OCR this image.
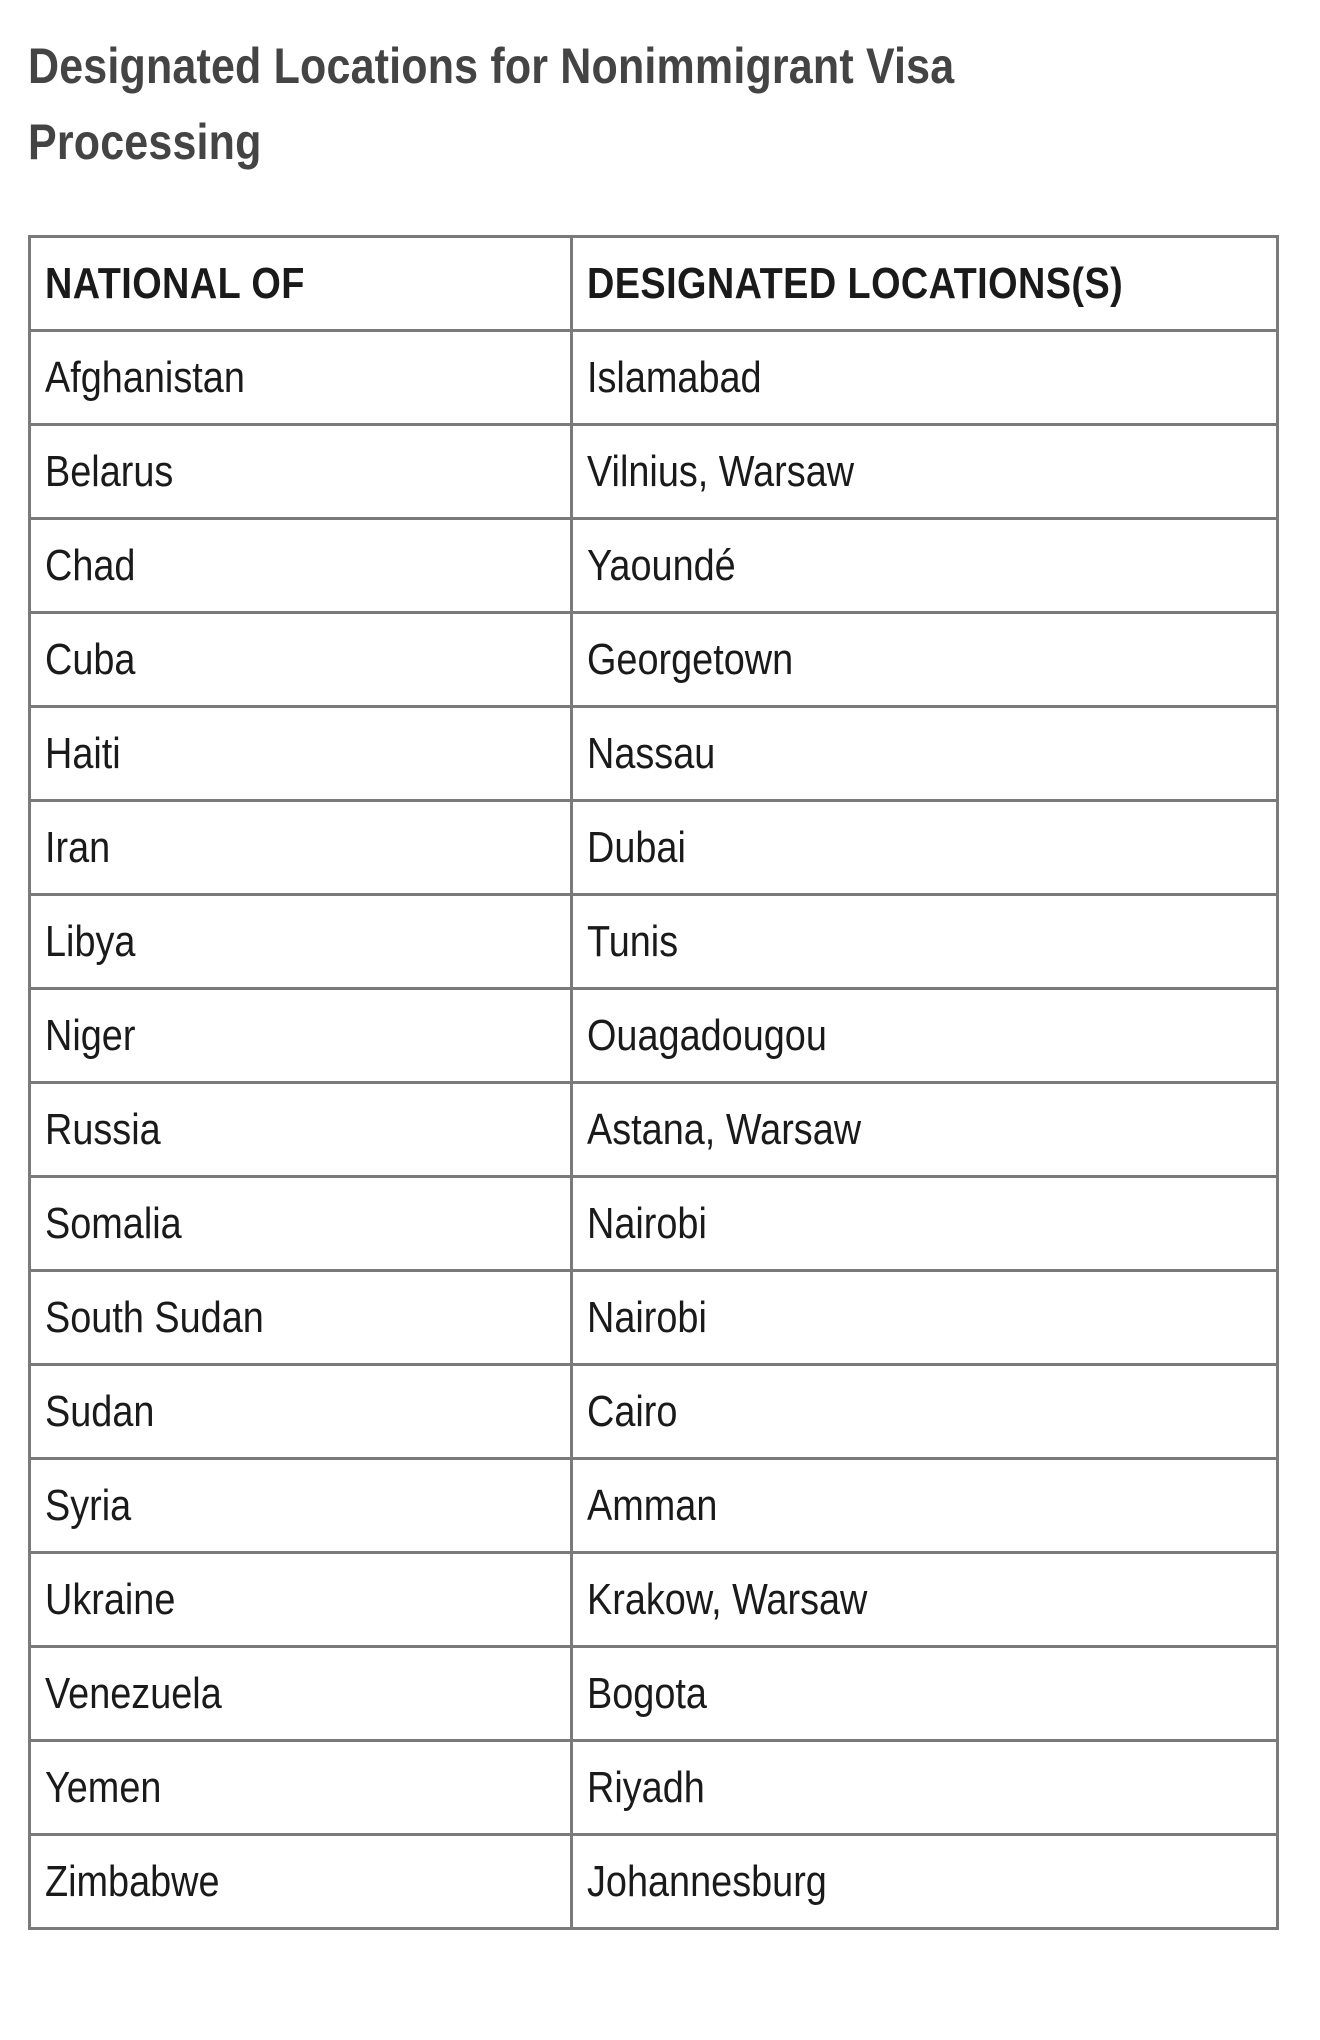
Designated Locations for Nonimmigrant Visa Processing
NATIONAL OF	DESIGNATED LOCATIONS(S)
Afghanistan	Islamabad
Belarus	Vilnius, Warsaw
Chad	Yaoundé
Cuba	Georgetown
Haiti	Nassau
Iran	Dubai
Libya	Tunis
Niger	Ouagadougou
Russia	Astana, Warsaw
Somalia	Nairobi
South Sudan	Nairobi
Sudan	Cairo
Syria	Amman
Ukraine	Krakow, Warsaw
Venezuela	Bogota
Yemen	Riyadh
Zimbabwe	Johannesburg
